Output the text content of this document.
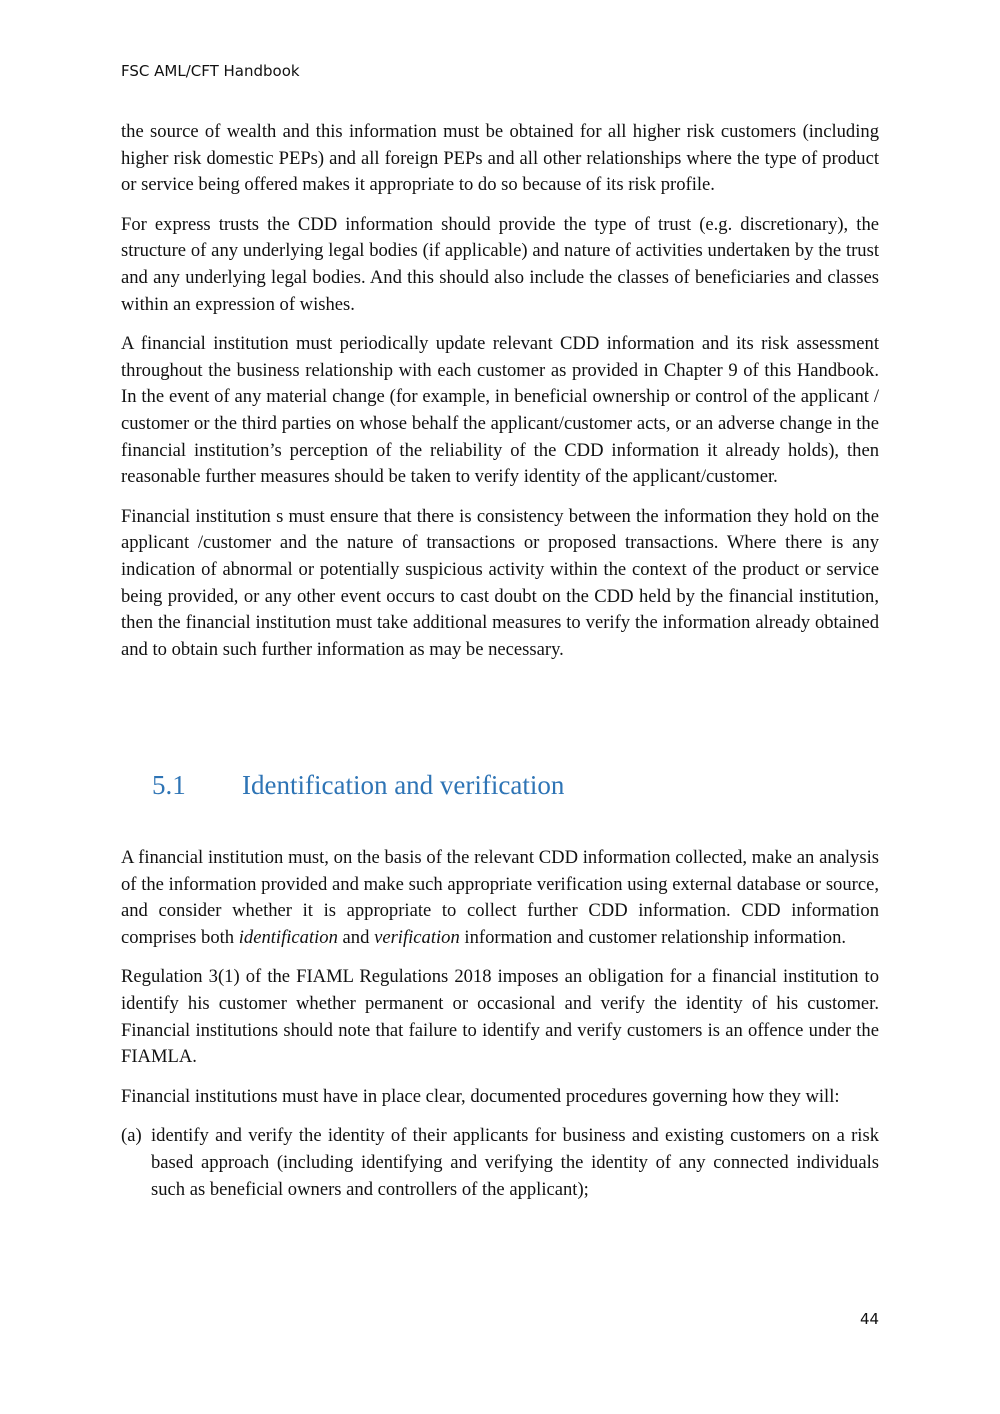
FSC AML/CFT Handbook

the source of wealth and this information must be obtained for all higher risk customers (including higher risk domestic PEPs) and all foreign PEPs and all other relationships where the type of product or service being offered makes it appropriate to do so because of its risk profile.

For express trusts the CDD information should provide the type of trust (e.g. discretionary), the structure of any underlying legal bodies (if applicable) and nature of activities undertaken by the trust and any underlying legal bodies. And this should also include the classes of beneficiaries and classes within an expression of wishes.

A financial institution must periodically update relevant CDD information and its risk assessment throughout the business relationship with each customer as provided in Chapter 9 of this Handbook. In the event of any material change (for example, in beneficial ownership or control of the applicant / customer or the third parties on whose behalf the applicant/customer acts, or an adverse change in the financial institution’s perception of the reliability of the CDD information it already holds), then reasonable further measures should be taken to verify identity of the applicant/customer.

Financial institution s must ensure that there is consistency between the information they hold on the applicant /customer and the nature of transactions or proposed transactions. Where there is any indication of abnormal or potentially suspicious activity within the context of the product or service being provided, or any other event occurs to cast doubt on the CDD held by the financial institution, then the financial institution must take additional measures to verify the information already obtained and to obtain such further information as may be necessary.

5.1 Identification and verification

A financial institution must, on the basis of the relevant CDD information collected, make an analysis of the information provided and make such appropriate verification using external database or source, and consider whether it is appropriate to collect further CDD information. CDD information comprises both identification and verification information and customer relationship information.

Regulation 3(1) of the FIAML Regulations 2018 imposes an obligation for a financial institution to identify his customer whether permanent or occasional and verify the identity of his customer. Financial institutions should note that failure to identify and verify customers is an offence under the FIAMLA.

Financial institutions must have in place clear, documented procedures governing how they will:

(a) identify and verify the identity of their applicants for business and existing customers on a risk based approach (including identifying and verifying the identity of any connected individuals such as beneficial owners and controllers of the applicant);
44
